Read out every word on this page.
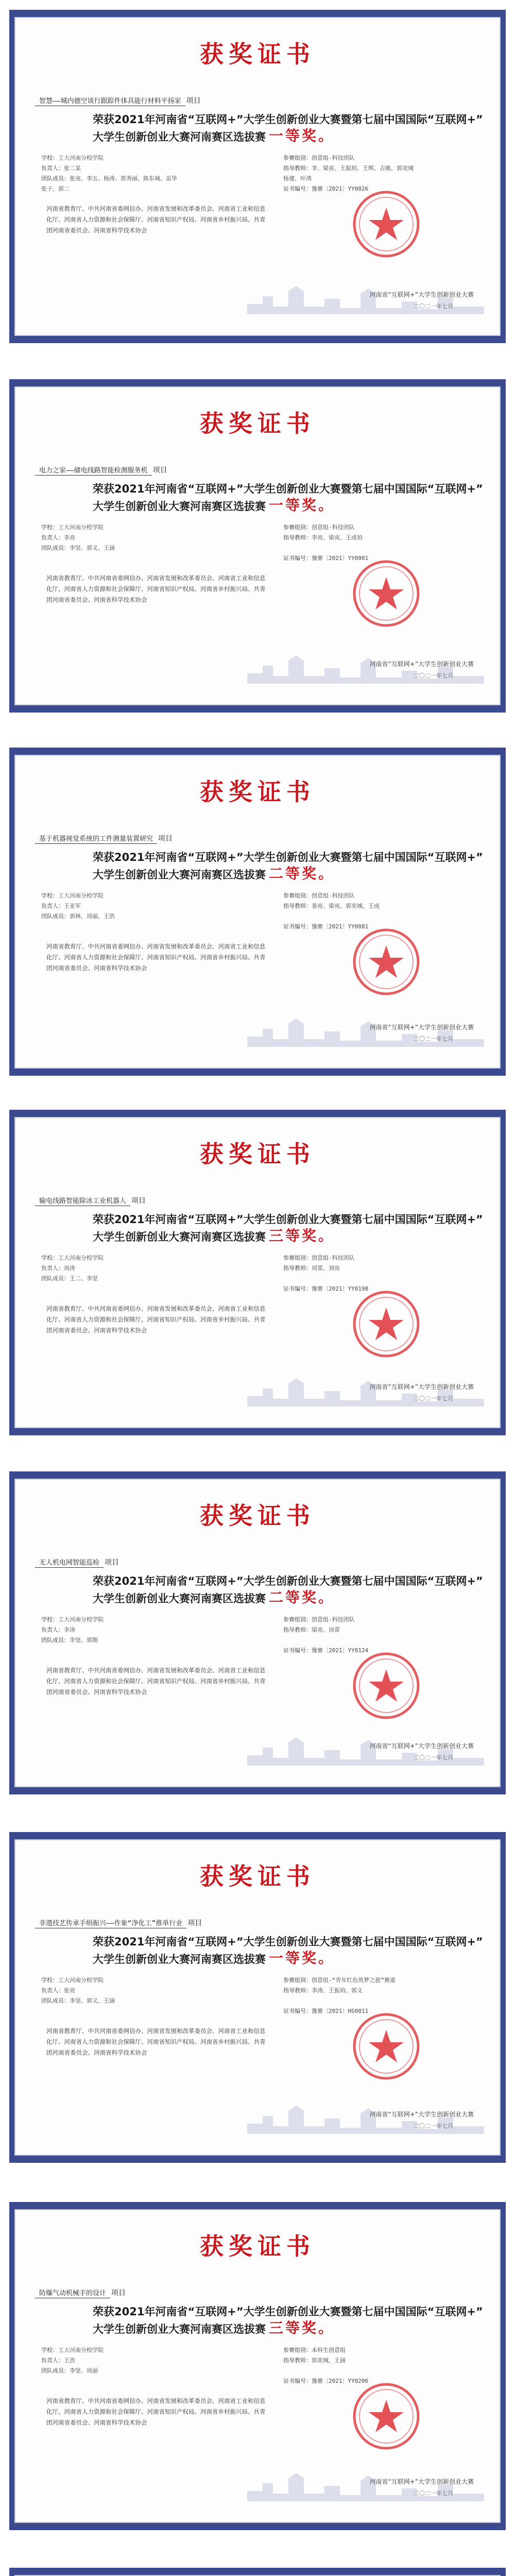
获奖证书
智慧——城内德空谈行跟踪件体具能行材料平扬家 项目
荣获2021年河南省“互联网+”大学生创新创业大赛暨第七届中国国际“互联网+”
大学生创新创业大赛河南赛区选拔赛 一等奖。
学校：工大河南分校学院
负责人：张二某
团队成员：张亮、李五、杨涛、郭秀丽、陈东城、苗华
张子、郭二
参赛组别：创意组-科技团队
指导教师：李、梁亮、王振珀、王辉、吉姚、郭奕城
杨建、叶鸿
证书编号：豫赛〔2021〕YY0026
河南省教育厅、中共河南省委网信办、河南省发展和改革委员会、河南省工业和信息化厅、河南省人力资源和社会保障厅、河南省知识产权局、河南省乡村振兴局、共青团河南省委员会、河南省科学技术协会
河南省“互联网+”大学生创新创业大赛
二〇二一年七月
获奖证书
电力之家——储电线路智能检测服务机 项目
荣获2021年河南省“互联网+”大学生创新创业大赛暨第七届中国国际“互联网+”
大学生创新创业大赛河南赛区选拔赛 一等奖。
学校：工大河南分校学院
负责人：李亮
团队成员：李坚、郭义、王涵
参赛组别：创意组-科技团队
指导教师：李亮、梁亮、王成珀
证书编号：豫赛〔2021〕YY0001
河南省教育厅、中共河南省委网信办、河南省发展和改革委员会、河南省工业和信息化厅、河南省人力资源和社会保障厅、河南省知识产权局、河南省乡村振兴局、共青团河南省委员会、河南省科学技术协会
河南省“互联网+”大学生创新创业大赛
二〇二一年七月
获奖证书
基于机器视觉系统的工件测量装置研究 项目
荣获2021年河南省“互联网+”大学生创新创业大赛暨第七届中国国际“互联网+”
大学生创新创业大赛河南赛区选拔赛 二等奖。
学校：工大河南分校学院
负责人：王亚军
团队成员：郭林、周丽、王浩
参赛组别：创意组-科技团队
指导教师：姜亮、梁亮、郭奕城、王成
证书编号：豫赛〔2021〕YY0081
河南省教育厅、中共河南省委网信办、河南省发展和改革委员会、河南省工业和信息化厅、河南省人力资源和社会保障厅、河南省知识产权局、河南省乡村振兴局、共青团河南省委员会、河南省科学技术协会
河南省“互联网+”大学生创新创业大赛
二〇二一年七月
获奖证书
输电线路智能除冰工业机器人 项目
荣获2021年河南省“互联网+”大学生创新创业大赛暨第七届中国国际“互联网+”
大学生创新创业大赛河南赛区选拔赛 三等奖。
学校：工大河南分校学院
负责人：周涛
团队成员：王二、李坚
参赛组别：创意组-科技团队
指导教师：周雷、刘亮
证书编号：豫赛〔2021〕YY0198
河南省教育厅、中共河南省委网信办、河南省发展和改革委员会、河南省工业和信息化厅、河南省人力资源和社会保障厅、河南省知识产权局、河南省乡村振兴局、共青团河南省委员会、河南省科学技术协会
河南省“互联网+”大学生创新创业大赛
二〇二一年七月
获奖证书
无人机电网智能巡检 项目
荣获2021年河南省“互联网+”大学生创新创业大赛暨第七届中国国际“互联网+”
大学生创新创业大赛河南赛区选拔赛 二等奖。
学校：工大河南分校学院
负责人：李涛
团队成员：李坚、郭刚
参赛组别：创意组-科技团队
指导教师：梁亮、周雷
证书编号：豫赛〔2021〕YY0124
河南省教育厅、中共河南省委网信办、河南省发展和改革委员会、河南省工业和信息化厅、河南省人力资源和社会保障厅、河南省知识产权局、河南省乡村振兴局、共青团河南省委员会、河南省科学技术协会
河南省“互联网+”大学生创新创业大赛
二〇二一年七月
获奖证书
非遗技艺传承手绢振兴——作象“净化工”推单行业 项目
荣获2021年河南省“互联网+”大学生创新创业大赛暨第七届中国国际“互联网+”
大学生创新创业大赛河南赛区选拔赛 一等奖。
学校：工大河南分校学院
负责人：张亮
团队成员：李坚、郭义、王涵
参赛组别：创意组-“青年红色筑梦之旅”赛道
指导教师：李涛、王振珀、郭义
证书编号：豫赛〔2021〕HS0011
河南省教育厅、中共河南省委网信办、河南省发展和改革委员会、河南省工业和信息化厅、河南省人力资源和社会保障厅、河南省知识产权局、河南省乡村振兴局、共青团河南省委员会、河南省科学技术协会
河南省“互联网+”大学生创新创业大赛
二〇二一年七月
获奖证书
防爆气动机械手的设计 项目
荣获2021年河南省“互联网+”大学生创新创业大赛暨第七届中国国际“互联网+”
大学生创新创业大赛河南赛区选拔赛 三等奖。
学校：工大河南分校学院
负责人：王浩
团队成员：李坚、周丽
参赛组别：本科生创意组
指导教师：郭奕城、王涵
证书编号：豫赛〔2021〕YY0206
河南省教育厅、中共河南省委网信办、河南省发展和改革委员会、河南省工业和信息化厅、河南省人力资源和社会保障厅、河南省知识产权局、河南省乡村振兴局、共青团河南省委员会、河南省科学技术协会
河南省“互联网+”大学生创新创业大赛
二〇二一年七月
